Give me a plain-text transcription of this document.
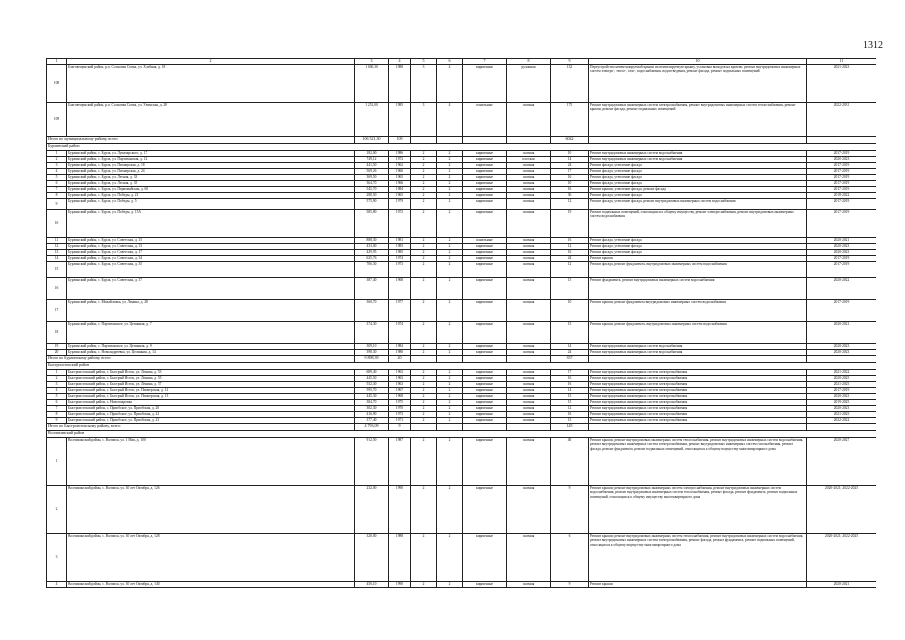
1312
1	2	3	4	5	6	7	8	9	10	11
108	Благовещенский район, р.п. Сосновая Сопка, ул. Хлебная, д. 18	1 040,30	1988	3	4	кирпичные	рулонная	132	Переустройство невентилируемой крыши на вентилируемую крышу, установка выходов на кровлю, ремонт внутридомовых инженерных систем электро-, тепло-, газо-, водоснабжения, водоотведения, ремонт фасада, ремонт подвальных помещений	2021-2023
109	Благовещенский район, р.п. Сосновая Сопка, ул. Улимская, д. 28	1 251,00	1985	3	4	панельные	скатная	175	Ремонт внутридомовых инженерных систем электроснабжения, ремонт внутридомовых инженерных систем теплоснабжения, ремонт крыши, ремонт фасада, ремонт подвальных помещений	2022-2031
Итого по муниципальному району, всего:		106 521,30	109					6042		
Бурлинский район										
1	Бурлинский район, с. Бурла, ул. Луначарского, д. 17	182,00	1986	2	2	кирпичные	скатная	10	Ремонт внутридомовых инженерных систем водоснабжения	2017-2019
2	Бурлинский район, с. Бурла, ул. Партизанская, д. 12	749,12	1972	2	2	кирпичные	плоская	14	Ремонт внутридомовых инженерных систем водоснабжения	2020-2023
3	Бурлинский район, с. Бурла, ул. Пионерская, д. 18	441,50	1962	2	2	кирпичные	скатная	24	Ремонт фасада, утепление фасада	2017-2019
4	Бурлинский район, с. Бурла, ул. Пионерская, д. 24	569,26	1966	2	2	кирпичные	скатная	17	Ремонт фасада, утепление фасада	2017-2019
5	Бурлинский район, с. Бурла, ул. Лесная, д. 33	369,50	1965	2	2	кирпичные	скатная	16	Ремонт фасада, утепление фасада	2017-2019
6	Бурлинский район, с. Бурла, ул. Лесная, д. 35	364,70	1966	2	2	кирпичные	скатная	10	Ремонт фасада, утепление фасада	2017-2019
7	Бурлинский район, с. Бурла, ул. Первомайская, д. 60	545,70	1984	2	2	кирпичные	скатная	16	Ремонт крыши, утепление фасада, ремонт фасада	2017-2019
8	Бурлинский район, с. Бурла, ул. Победы, д. 21	280,50	1965	2	2	кирпичные	скатная	36	Ремонт фасада, утепление фасада	2018-2022
9	Бурлинский район, с. Бурла, ул. Победы, д. 5	575,90	1979	2	2	кирпичные	скатная	12	Ремонт фасада, утепление фасада, ремонт внутридомовых инженерных систем водоснабжения	2017-2019
10	Бурлинский район, с. Бурла, ул. Победы, д. 15А	585,80	1972	2	2	кирпичные	скатная	19	Ремонт подвальных помещений, относящихся к общему имуществу, ремонт электроснабжения, ремонт внутридомовых инженерных систем водоснабжения	2017-2019
11	Бурлинский район, с. Бурла, ул. Советская, д. 15	888,30	1981	2	2	панельные	скатная	16	Ремонт фасада, утепление фасада	2020-2021
12	Бурлинский район, с. Бурла, ул. Советская, д. 13	433,00	1983	2	2	кирпичные	скатная	12	Ремонт фасада, утепление фасада	2020-2023
13	Бурлинский район, с. Бурла, ул. Советская, д. 17	429,95	1985	2	2	кирпичные	скатная	16	Ремонт фасада, утепление фасада	2020-2023
14	Бурлинский район, с. Бурла, ул. Советская, д. 34	625,76	1974	2	2	кирпичные	скатная	24	Ремонт крыши	2017-2019
15	Бурлинский район, с. Бурла, ул. Советская, д. 35	706,30	1973	2	2	кирпичные	скатная	12	Ремонт фасада, ремонт фундамента, внутридомовых инженерных систем водоснабжения	2017-2019
16	Бурлинский район, с. Бурла, ул. Советская, д. 37	387,40	1968	2	2	кирпичные	скатная	15	Ремонт фундамента, ремонт внутридомовых инженерных систем водоснабжения	2020-2022
17	Бурлинский район, с. Михайловка, ул. Ленина, д. 28	360,70	1977	2	2	кирпичные	скатная	10	Ремонт крыши, ремонт фундамента внутридомовых инженерных систем водоснабжения	2017-2019
18	Бурлинский район, с. Партизанское, ул. Целинная, д. 7	374,30	1974	2	2	кирпичные	скатная	15	Ремонт крыши, ремонт фундамента, внутридомовых инженерных систем водоснабжения	2020-2021
19	Бурлинский район, с. Партизанское, ул. Целинная, д. 9	309,10	1984	2	2	кирпичные	скатная	14	Ремонт внутридомовых инженерных систем водоснабжения	2020-2023
20	Бурлинский район, с. Новоандреевка, ул. Целинная, д. 14	398,30	1980	2	2	кирпичные	скатная	24	Ремонт внутридомовых инженерных систем водоснабжения	2020-2023
Итого по Бурлинскому району, всего:		9 898,39	20					357		
Быстроистокский район										
1	Быстроистокский район, с. Быстрый Исток, ул. Ленина, д. 53	689,40	1963	2	2	кирпичные	скатная	17	Ремонт внутридомовых инженерных систем электроснабжения	2021-2022
2	Быстроистокский район, с. Быстрый Исток, ул. Ленина, д. 55	445,50	1963	2	2	кирпичные	скатная	16	Ремонт внутридомовых инженерных систем электроснабжения	2020-2025
3	Быстроистокский район, с. Быстрый Исток, ул. Ленина, д. 57	552,30	1963	2	2	кирпичные	скатная	16	Ремонт внутридомовых инженерных систем электроснабжения	2021-2025
4	Быстроистокский район, с. Быстрый Исток, ул. Пионерская, д. 12	595,70	1967	2	2	кирпичные	скатная	14	Ремонт внутридомовых инженерных систем электроснабжения	2017-2019
5	Быстроистокский район, с. Быстрый Исток, ул. Пионерская, д. 13	445,30	1968	2	2	кирпичные	скатная	15	Ремонт внутридомовых инженерных систем электроснабжения	2020-2023
6	Быстроистокский район, с. Новопокровка	384,70	1975	2	2	кирпичные	скатная	15	Ремонт внутридомовых инженерных систем электроснабжения	2019-2025
7	Быстроистокский район, с. Приобское, ул. Приобская, д. 20	302,30	1970	2	2	кирпичные	скатная	12	Ремонт внутридомовых инженерных систем электроснабжения	2020-2023
8	Быстроистокский район, с. Приобское, ул. Приобская, д. 22	416,90	1973	2	2	кирпичные	скатная	16	Ремонт внутридомовых инженерных систем электроснабжения	2021-2025
9	Быстроистокский район, с. Приобское, ул. Приобская, д. 23	377,40	1971	2	2	кирпичные	скатная	15	Ремонт внутридомовых инженерных систем электроснабжения	2022-2022
Итого по Быстроистокскому району, всего:		4 793,09	9					145		
Волчихинский район										
1	Волчихинский район, с. Волчиха, ул. 1 Мая, д. 100	912,50	1987	2	2	кирпичные	скатная	40	Ремонт крыши, ремонт внутридомовых инженерных систем теплоснабжения, ремонт внутридомовых инженерных систем водоснабжения, ремонт внутридомовых инженерных систем электроснабжения, ремонт внутридомовых инженерных систем газоснабжения, ремонт фасада, ремонт фундамента, ремонт подвальных помещений, относящихся к общему имуществу многоквартирного дома	2020-2027
2	Волчихинский район, с. Волчиха, ул. 30 лет Октября, д. 126	232,00	1990	2	2	кирпичные	скатная	9	Ремонт крыши; ремонт внутридомовых инженерных систем электроснабжения, ремонт внутридомовых инженерных систем водоснабжения, ремонт внутридомовых инженерных систем теплоснабжения, ремонт фасада, ремонт фундамента, ремонт подвальных помещений, относящихся к общему имуществу многоквартирного дома	2020-2021; 2022-2025
3	Волчихинский район, с. Волчиха, ул. 30 лет Октября, д. 128	320,00	1988	2	2	кирпичные	скатная	6	Ремонт крыши; ремонт внутридомовых инженерных систем теплоснабжения, ремонт внутридомовых инженерных систем водоснабжения, ремонт внутридомовых инженерных систем электроснабжения, ремонт фасада, ремонт фундамента, ремонт подвальных помещений, относящихся к общему имуществу многоквартирного дома	2020-2021; 2022-2025
4	Волчихинский район, с. Волчиха, ул. 30 лет Октября, д. 140	450,10	1990	2	2	кирпичные	скатная	9	Ремонт крыши	2020-2021
